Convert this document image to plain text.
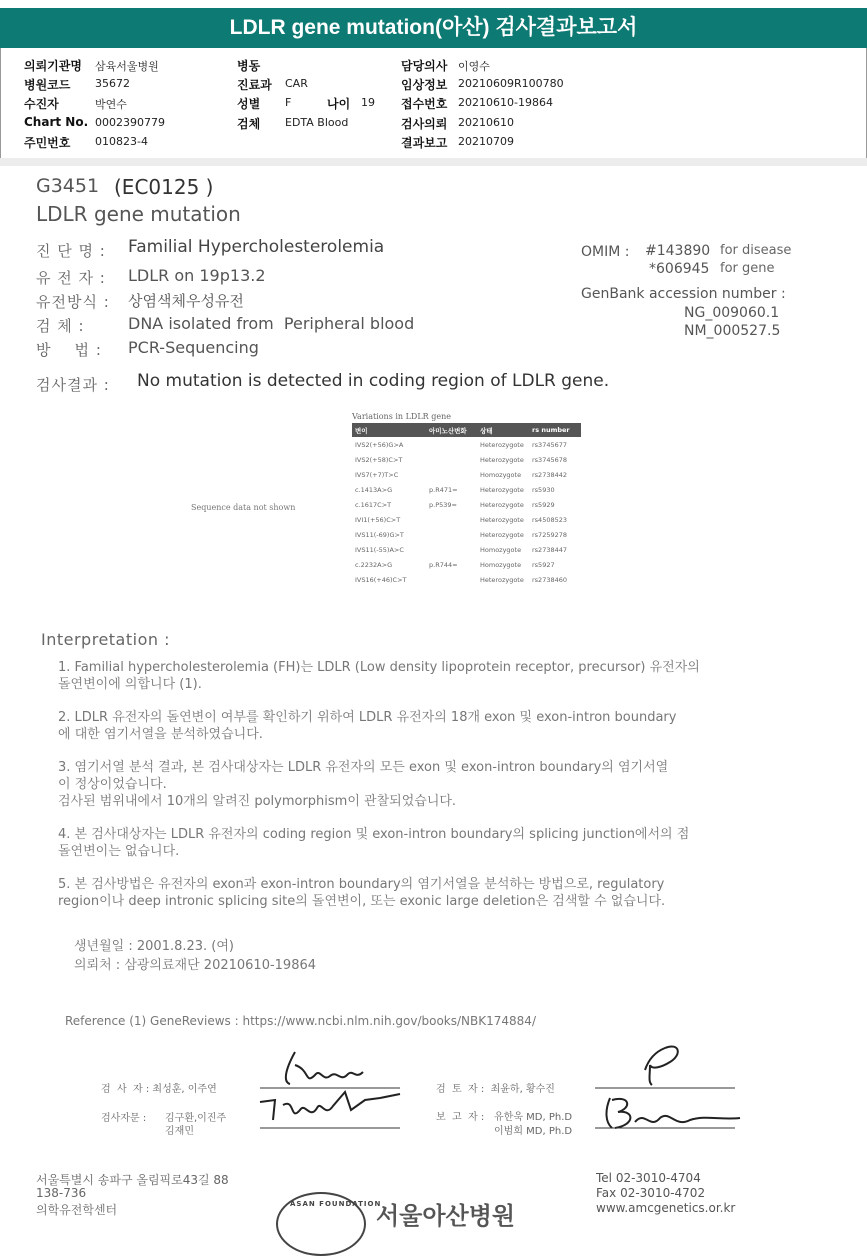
LDLR gene mutation(아산) 검사결과보고서
의뢰기관명 삼육서울병원
병원코드 35672
수진자	박연수
Chart No. 0002390779
주민번호 010823-4
병동
진료과 CAR
성별 F	나이 19
검체 EDTA Blood
담당의사 이영수
임상정보 20210609R100780
접수번호 20210610-19864
검사의뢰 20210610
결과보고 20210709
G3451 (EC0125 )
LDLR gene mutation
진 단 명 : Familial Hypercholesterolemia
유 전 자 : LDLR on 19p13.2
유전방식 : 상염색체우성유전
검 체 :	DNA isolated from  Peripheral blood
방    법 : PCR-Sequencing
OMIM : #143890 for disease
*606945 for gene
GenBank accession number :
NG_009060.1
NM_000527.5
검사결과 : No mutation is detected in coding region of LDLR gene.
Variations in LDLR gene
변이	아미노산변화	상태	rs number
IVS2(+56)G>A		Heterozygote	rs3745677
IVS2(+58)C>T		Heterozygote	rs3745678
IVS7(+7)T>C		Homozygote	rs2738442
c.1413A>G	p.R471=	Heterozygote	rs5930
c.1617C>T	p.P539=	Heterozygote	rs5929
IVI1(+56)C>T		Heterozygote	rs4508523
IVS11(-69)G>T		Heterozygote	rs7259278
IVS11(-55)A>C		Homozygote	rs2738447
c.2232A>G	p.R744=	Homozygote	rs5927
IVS16(+46)C>T		Heterozygote	rs2738460
Sequence data not shown
Interpretation :
1. Familial hypercholesterolemia (FH)는 LDLR (Low density lipoprotein receptor, precursor) 유전자의
돌연변이에 의합니다 (1).
2. LDLR 유전자의 돌연변이 여부를 확인하기 위하여 LDLR 유전자의 18개 exon 및 exon-intron boundary
에 대한 염기서열을 분석하였습니다.
3. 염기서열 분석 결과, 본 검사대상자는 LDLR 유전자의 모든 exon 및 exon-intron boundary의 염기서열
이 정상이었습니다.
검사된 범위내에서 10개의 알려진 polymorphism이 관찰되었습니다.
4. 본 검사대상자는 LDLR 유전자의 coding region 및 exon-intron boundary의 splicing junction에서의 점
돌연변이는 없습니다.
5. 본 검사방법은 유전자의 exon과 exon-intron boundary의 염기서열을 분석하는 방법으로, regulatory
region이나 deep intronic splicing site의 돌연변이, 또는 exonic large deletion은 검색할 수 없습니다.
생년월일 : 2001.8.23. (여)
의뢰처 : 삼광의료재단 20210610-19864
Reference (1) GeneReviews : https://www.ncbi.nlm.nih.gov/books/NBK174884/
검  사  자 : 최성훈, 이주연
검사자문 : 김구환,이진주
김재민
검  토  자 :  최윤하, 황수진
보  고  자 : 유한욱 MD, Ph.D
이범희 MD, Ph.D
서울특별시 송파구 올림픽로43길 88
138-736
의학유전학센터	ASAN FOUNDATION
서울아산병원
Tel 02-3010-4704
Fax 02-3010-4702
www.amcgenetics.or.kr
